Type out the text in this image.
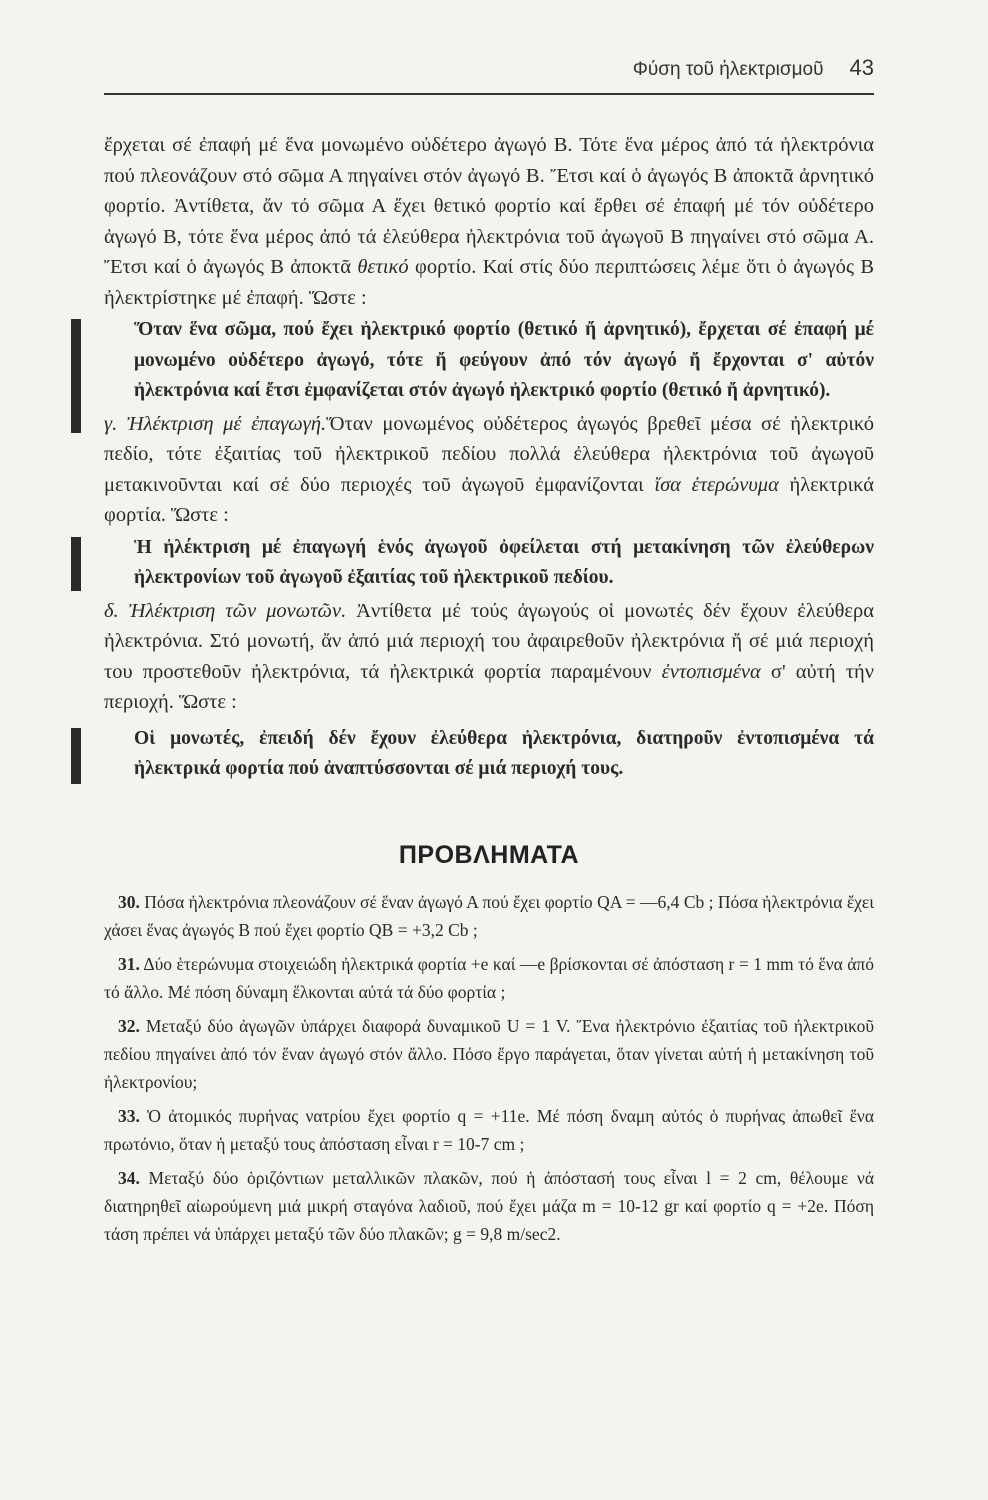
Φύση τοῦ ἠλεκτρισμοῦ 43

ἔρχεται σέ ἐπαφή μέ ἕνα μονωμένο οὐδέτερο ἀγωγό Β. Τότε ἕνα μέρος ἀπό τά ἠλεκτρόνια πού πλεονάζουν στό σῶμα Α πηγαίνει στόν ἀγωγό Β. Ἔτσι καί ὁ ἀγωγός Β ἀποκτᾶ ἀρνητικό φορτίο. Ἀντίθετα, ἄν τό σῶμα Α ἔχει θετικό φορτίο καί ἔρθει σέ ἐπαφή μέ τόν οὐδέτερο ἀγωγό Β, τότε ἕνα μέρος ἀπό τά ἐλεύθερα ἠλεκτρόνια τοῦ ἀγωγοῦ Β πηγαίνει στό σῶμα Α. Ἔτσι καί ὁ ἀγωγός Β ἀποκτᾶ θετικό φορτίο. Καί στίς δύο περιπτώσεις λέμε ὅτι ὁ ἀγωγός Β ἠλεκτρίστηκε μέ ἐπαφή. Ὥστε :

Ὅταν ἕνα σῶμα, πού ἔχει ἠλεκτρικό φορτίο (θετικό ἤ ἀρνητικό), ἔρχεται σέ ἐπαφή μέ μονωμένο οὐδέτερο ἀγωγό, τότε ἤ φεύγουν ἀπό τόν ἀγωγό ἤ ἔρχονται σ' αὐτόν ἠλεκτρόνια καί ἔτσι ἐμφανίζεται στόν ἀγωγό ἠλεκτρικό φορτίο (θετικό ἤ ἀρνητικό).

γ. Ἠλέκτριση μέ ἐπαγωγή.Ὅταν μονωμένος οὐδέτερος ἀγωγός βρεθεῖ μέσα σέ ἠλεκτρικό πεδίο, τότε ἐξαιτίας τοῦ ἠλεκτρικοῦ πεδίου πολλά ἐλεύθερα ἠλεκτρόνια τοῦ ἀγωγοῦ μετακινοῦνται καί σέ δύο περιοχές τοῦ ἀγωγοῦ ἐμφανίζονται ἴσα ἑτερώνυμα ἠλεκτρικά φορτία. Ὥστε :

Ἡ ἠλέκτριση μέ ἐπαγωγή ἑνός ἀγωγοῦ ὀφείλεται στή μετακίνηση τῶν ἐλεύθερων ἠλεκτρονίων τοῦ ἀγωγοῦ ἐξαιτίας τοῦ ἠλεκτρικοῦ πεδίου.

δ. Ἠλέκτριση τῶν μονωτῶν. Ἀντίθετα μέ τούς ἀγωγούς οἱ μονωτές δέν ἔχουν ἐλεύθερα ἠλεκτρόνια. Στό μονωτή, ἄν ἀπό μιά περιοχή του ἀφαιρεθοῦν ἠλεκτρόνια ἤ σέ μιά περιοχή του προστεθοῦν ἠλεκτρόνια, τά ἠλεκτρικά φορτία παραμένουν ἐντοπισμένα σ' αὐτή τήν περιοχή. Ὥστε :

Οἱ μονωτές, ἐπειδή δέν ἔχουν ἐλεύθερα ἠλεκτρόνια, διατηροῦν ἐντοπισμένα τά ἠλεκτρικά φορτία πού ἀναπτύσσονται σέ μιά περιοχή τους.
ΠΡΟΒΛΗΜΑΤΑ
30. Πόσα ἠλεκτρόνια πλεονάζουν σέ ἕναν ἀγωγό Α πού ἔχει φορτίο QA = —6,4 Cb ; Πόσα ἠλεκτρόνια ἔχει χάσει ἕνας ἀγωγός Β πού ἔχει φορτίο QB = +3,2 Cb ;
31. Δύο ἑτερώνυμα στοιχειώδη ἠλεκτρικά φορτία +e καί —e βρίσκονται σέ ἀπόσταση r = 1 mm τό ἕνα ἀπό τό ἄλλο. Μέ πόση δύναμη ἕλκονται αὐτά τά δύο φορτία ;
32. Μεταξύ δύο ἀγωγῶν ὑπάρχει διαφορά δυναμικοῦ U = 1 V. Ἕνα ἠλεκτρόνιο ἐξαιτίας τοῦ ἠλεκτρικοῦ πεδίου πηγαίνει ἀπό τόν ἕναν ἀγωγό στόν ἄλλο. Πόσο ἔργο παράγεται, ὅταν γίνεται αὐτή ἡ μετακίνηση τοῦ ἠλεκτρονίου;
33. Ὁ ἀτομικός πυρήνας νατρίου ἔχει φορτίο q = +11e. Μέ πόση δναμη αὐτός ὁ πυρήνας ἀπωθεῖ ἕνα πρωτόνιο, ὅταν ἡ μεταξύ τους ἀπόσταση εἶναι r = 10-7 cm ;
34. Μεταξύ δύο ὁριζόντιων μεταλλικῶν πλακῶν, πού ἡ ἀπόστασή τους εἶναι l = 2 cm, θέλουμε νά διατηρηθεῖ αἰωρούμενη μιά μικρή σταγόνα λαδιοῦ, πού ἔχει μάζα m = 10-12 gr καί φορτίο q = +2e. Πόση τάση πρέπει νά ὑπάρχει μεταξύ τῶν δύο πλακῶν; g = 9,8 m/sec2.
